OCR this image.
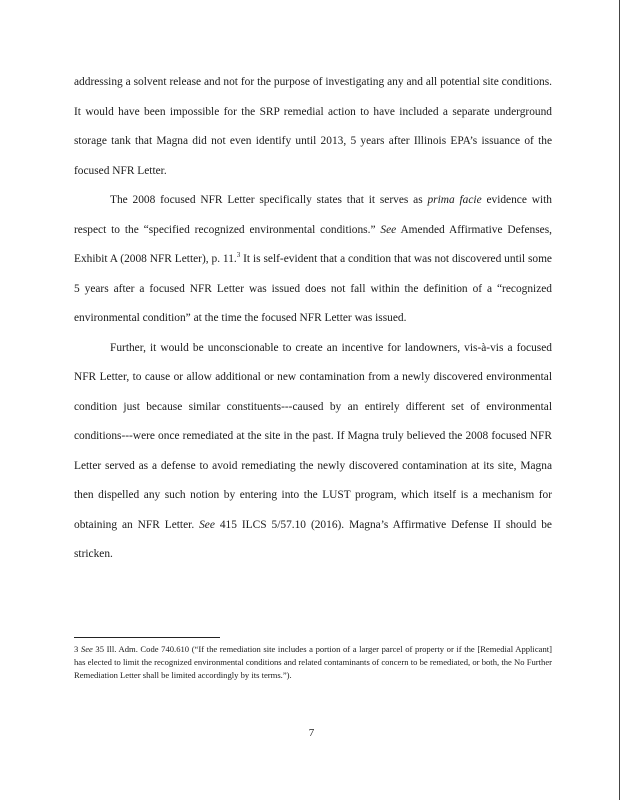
addressing a solvent release and not for the purpose of investigating any and all potential site conditions. It would have been impossible for the SRP remedial action to have included a separate underground storage tank that Magna did not even identify until 2013, 5 years after Illinois EPA’s issuance of the focused NFR Letter.

The 2008 focused NFR Letter specifically states that it serves as prima facie evidence with respect to the “specified recognized environmental conditions.” See Amended Affirmative Defenses, Exhibit A (2008 NFR Letter), p. 11.$^3$ It is self-evident that a condition that was not discovered until some 5 years after a focused NFR Letter was issued does not fall within the definition of a “recognized environmental condition” at the time the focused NFR Letter was issued.

Further, it would be unconscionable to create an incentive for landowners, vis-à-vis a focused NFR Letter, to cause or allow additional or new contamination from a newly discovered environmental condition just because similar constituents---caused by an entirely different set of environmental conditions---were once remediated at the site in the past. If Magna truly believed the 2008 focused NFR Letter served as a defense to avoid remediating the newly discovered contamination at its site, Magna then dispelled any such notion by entering into the LUST program, which itself is a mechanism for obtaining an NFR Letter. See 415 ILCS 5/57.10 (2016). Magna’s Affirmative Defense II should be stricken.

3 See 35 Ill. Adm. Code 740.610 (“If the remediation site includes a portion of a larger parcel of property or if the [Remedial Applicant] has elected to limit the recognized environmental conditions and related contaminants of concern to be remediated, or both, the No Further Remediation Letter shall be limited accordingly by its terms.”).
7
